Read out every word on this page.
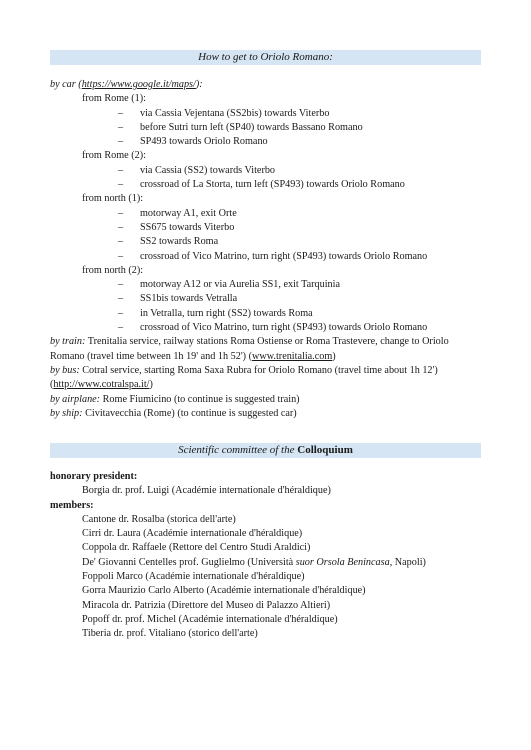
How to get to Oriolo Romano:
by car (https://www.google.it/maps/):
from Rome (1):
– via Cassia Vejentana (SS2bis) towards Viterbo
– before Sutri turn left (SP40) towards Bassano Romano
– SP493 towards Oriolo Romano
from Rome (2):
– via Cassia (SS2) towards Viterbo
– crossroad of La Storta, turn left (SP493) towards Oriolo Romano
from north (1):
– motorway A1, exit Orte
– SS675 towards Viterbo
– SS2 towards Roma
– crossroad of Vico Matrino, turn right (SP493) towards Oriolo Romano
from north (2):
– motorway A12 or via Aurelia SS1, exit Tarquinia
– SS1bis towards Vetralla
– in Vetralla, turn right (SS2) towards Roma
– crossroad of Vico Matrino, turn right (SP493) towards Oriolo Romano
by train: Trenitalia service, railway stations Roma Ostiense or Roma Trastevere, change to Oriolo Romano (travel time between 1h 19' and 1h 52') (www.trenitalia.com)
by bus: Cotral service, starting Roma Saxa Rubra for Oriolo Romano (travel time about 1h 12') (http://www.cotralspa.it/)
by airplane: Rome Fiumicino (to continue is suggested train)
by ship: Civitavecchia (Rome) (to continue is suggested car)
Scientific committee of the Colloquium
honorary president:
Borgia dr. prof. Luigi (Académie internationale d'héraldique)
members:
Cantone dr. Rosalba (storica dell'arte)
Cirri dr. Laura (Académie internationale d'héraldique)
Coppola dr. Raffaele (Rettore del Centro Studi Araldici)
De' Giovanni Centelles prof. Guglielmo (Università suor Orsola Benincasa, Napoli)
Foppoli Marco (Académie internationale d'héraldique)
Gorra Maurizio Carlo Alberto (Académie internationale d'héraldique)
Miracola dr. Patrizia (Direttore del Museo di Palazzo Altieri)
Popoff dr. prof. Michel (Académie internationale d'héraldique)
Tiberia dr. prof. Vitaliano (storico dell'arte)
